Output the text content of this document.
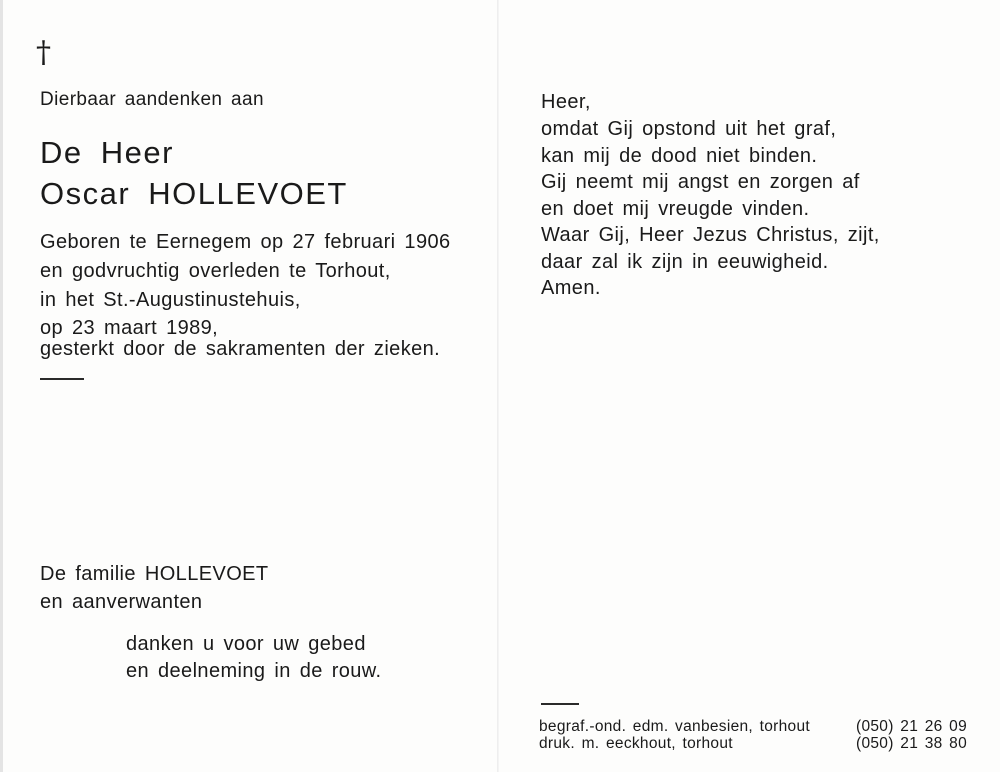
†
Dierbaar aandenken aan
De Heer
Oscar HOLLEVOET
Geboren te Eernegem op 27 februari 1906
en godvruchtig overleden te Torhout,
in het St.-Augustinustehuis,
op 23 maart 1989,
gesterkt door de sakramenten der zieken.
De familie HOLLEVOET
en aanverwanten
danken u voor uw gebed
en deelneming in de rouw.
Heer,
omdat Gij opstond uit het graf,
kan mij de dood niet binden.
Gij neemt mij angst en zorgen af
en doet mij vreugde vinden.
Waar Gij, Heer Jezus Christus, zijt,
daar zal ik zijn in eeuwigheid.
Amen.
begraf.-ond. edm. vanbesien, torhout	(050) 21 26 09
druk. m. eeckhout, torhout	(050) 21 38 80
